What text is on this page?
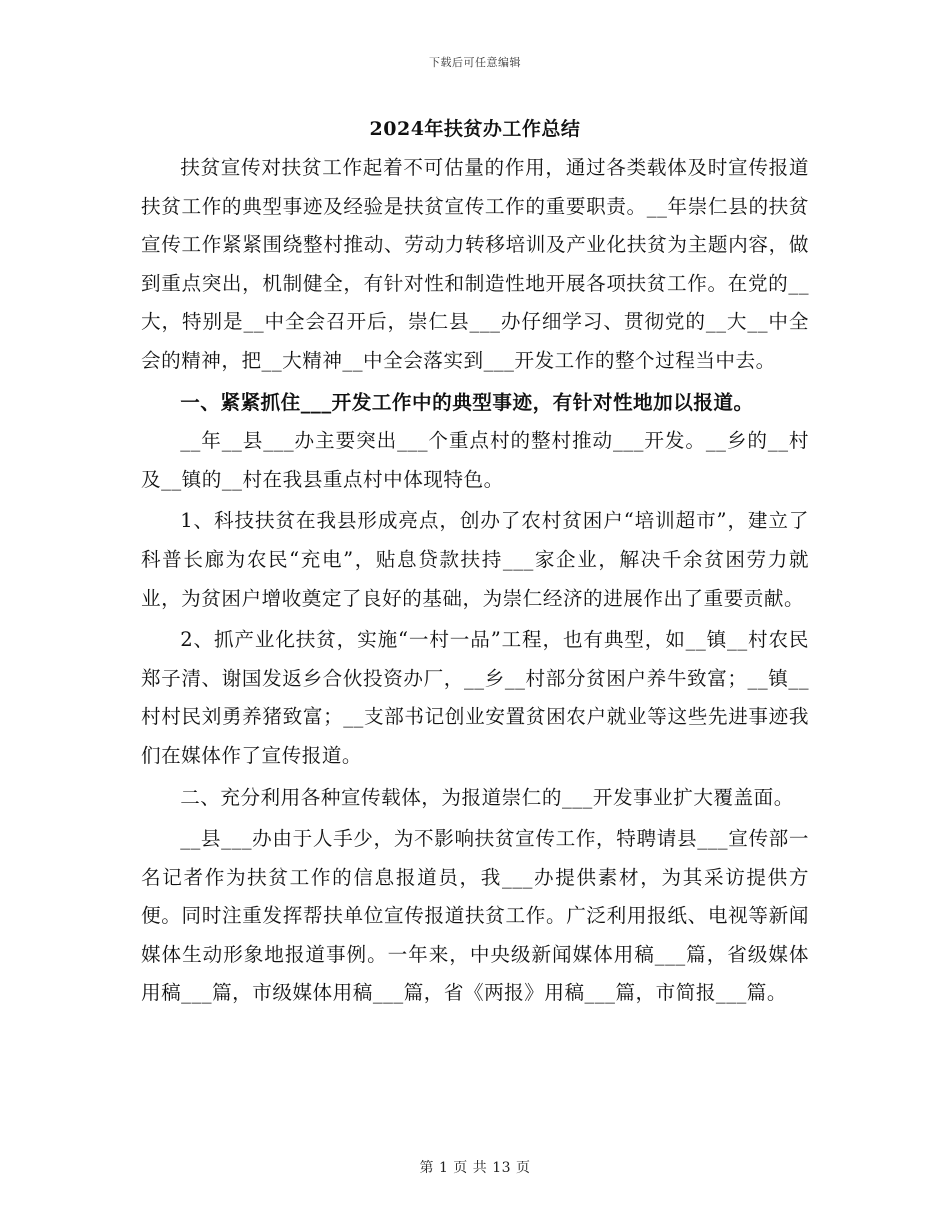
下载后可任意编辑
2024年扶贫办工作总结

扶贫宣传对扶贫工作起着不可估量的作用，通过各类载体及时宣传报道扶贫工作的典型事迹及经验是扶贫宣传工作的重要职责。__年崇仁县的扶贫宣传工作紧紧围绕整村推动、劳动力转移培训及产业化扶贫为主题内容，做到重点突出，机制健全，有针对性和制造性地开展各项扶贫工作。在党的__大，特别是__中全会召开后，崇仁县___办仔细学习、贯彻党的__大__中全会的精神，把__大精神__中全会落实到___开发工作的整个过程当中去。

一、紧紧抓住___开发工作中的典型事迹，有针对性地加以报道。

__年__县___办主要突出___个重点村的整村推动___开发。__乡的__村及__镇的__村在我县重点村中体现特色。

1、科技扶贫在我县形成亮点，创办了农村贫困户“培训超市”，建立了科普长廊为农民“充电”，贴息贷款扶持___家企业，解决千余贫困劳力就业，为贫困户增收奠定了良好的基础，为崇仁经济的进展作出了重要贡献。

2、抓产业化扶贫，实施“一村一品”工程，也有典型，如__镇__村农民郑子清、谢国发返乡合伙投资办厂，__乡__村部分贫困户养牛致富；__镇__村村民刘勇养猪致富；__支部书记创业安置贫困农户就业等这些先进事迹我们在媒体作了宣传报道。

二、充分利用各种宣传载体，为报道崇仁的___开发事业扩大覆盖面。

__县___办由于人手少，为不影响扶贫宣传工作，特聘请县___宣传部一名记者作为扶贫工作的信息报道员，我___办提供素材，为其采访提供方便。同时注重发挥帮扶单位宣传报道扶贫工作。广泛利用报纸、电视等新闻媒体生动形象地报道事例。一年来，中央级新闻媒体用稿___篇，省级媒体用稿___篇，市级媒体用稿___篇，省《两报》用稿___篇，市简报___篇。

第 1 页 共 13 页
